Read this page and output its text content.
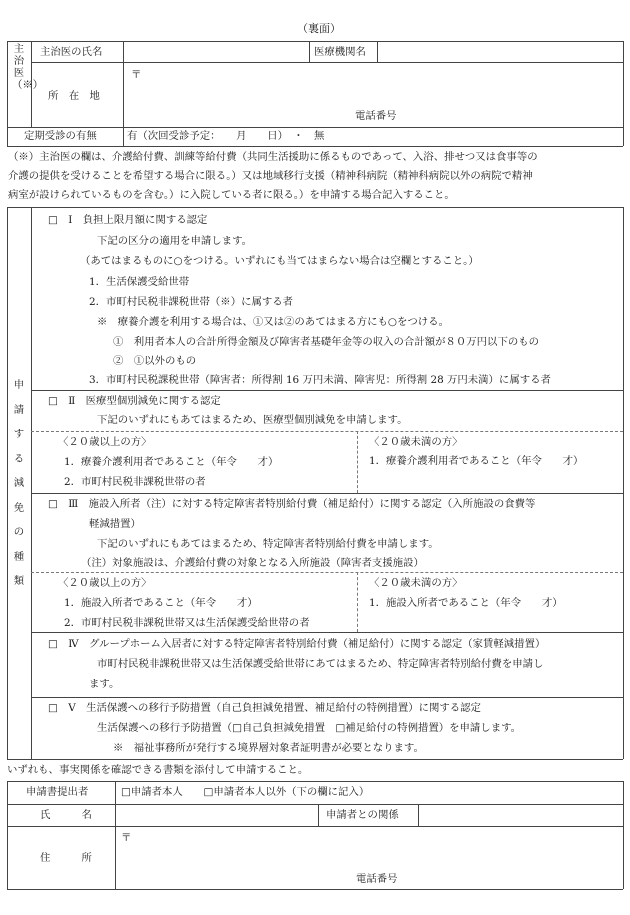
（裏面）
主治医（※）
主治医の氏名	医療機関名
〒
所　在　地
電話番号
定期受診の有無	有（次回受診予定：　　月　　日）　・　無
（※）主治医の欄は、介護給付費、訓練等給付費（共同生活援助に係るものであって、入浴、排せつ又は食事等の
介護の提供を受けることを希望する場合に限る。）又は地域移行支援（精神科病院（精神科病院以外の病院で精神
病室が設けられているものを含む。）に入院している者に限る。）を申請する場合記入すること。
申
請
す
る
減
免
の
種
類
□　Ⅰ　負担上限月額に関する認定
下記の区分の適用を申請します。
（あてはまるものに○をつける。いずれにも当てはまらない場合は空欄とすること。）
1．生活保護受給世帯
2．市町村民税非課税世帯（※）に属する者
※　療養介護を利用する場合は、①又は②のあてはまる方にも○をつける。
①　利用者本人の合計所得金額及び障害者基礎年金等の収入の合計額が８０万円以下のもの
②　①以外のもの
3．市町村民税課税世帯（障害者：所得割 16 万円未満、障害児：所得割 28 万円未満）に属する者
□　Ⅱ　医療型個別減免に関する認定
下記のいずれにもあてはまるため、医療型個別減免を申請します。
〈２０歳以上の方〉
1．療養介護利用者であること（年令　　才）
2．市町村民税非課税世帯の者
〈２０歳未満の方〉
1．療養介護利用者であること（年令　　才）
□　Ⅲ　施設入所者（注）に対する特定障害者特別給付費（補足給付）に関する認定（入所施設の食費等
軽減措置）
下記のいずれにもあてはまるため、特定障害者特別給付費を申請します。
（注）対象施設は、介護給付費の対象となる入所施設（障害者支援施設）
〈２０歳以上の方〉
1．施設入所者であること（年令　　才）
2．市町村民税非課税世帯又は生活保護受給世帯の者
〈２０歳未満の方〉
1．施設入所者であること（年令　　才）
□　Ⅳ　グループホーム入居者に対する特定障害者特別給付費（補足給付）に関する認定（家賃軽減措置）
市町村民税非課税世帯又は生活保護受給世帯にあてはまるため、特定障害者特別給付費を申請し
ます。
□　Ⅴ　生活保護への移行予防措置（自己負担減免措置、補足給付の特例措置）に関する認定
生活保護への移行予防措置（□自己負担減免措置　□補足給付の特例措置）を申請します。
※　福祉事務所が発行する境界層対象者証明書が必要となります。
いずれも、事実関係を確認できる書類を添付して申請すること。
申請書提出者	□申請者本人　　□申請者本人以外（下の欄に記入）
氏　　　名	申請者との関係
〒
住　　　所
電話番号
